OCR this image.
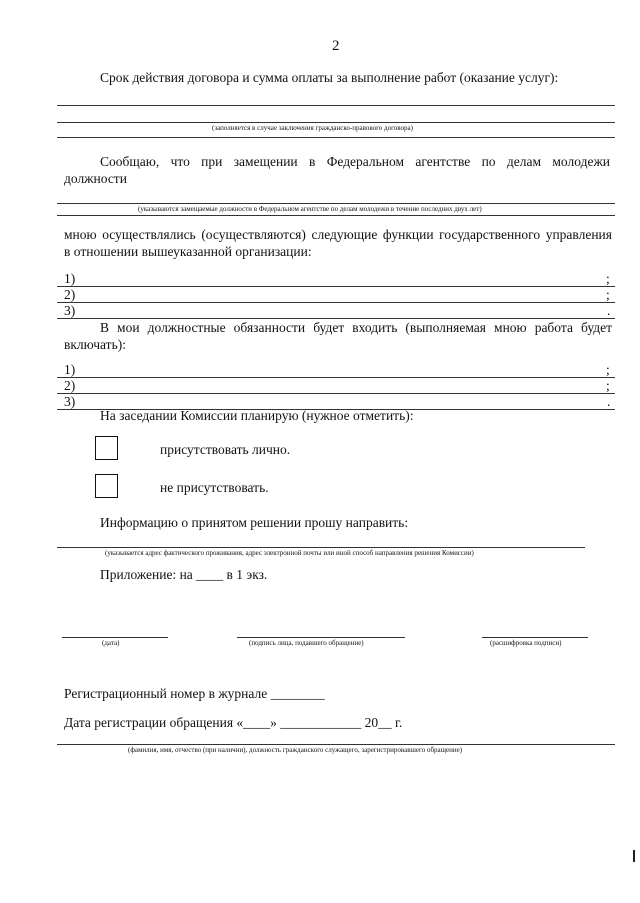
2
Срок действия договора и сумма оплаты за выполнение работ (оказание услуг):
(заполняется в случае заключения гражданско-правового договора)
Сообщаю, что при замещении в Федеральном агентстве по делам молодежи
должности
(указываются замещаемые должности в Федеральном агентстве по делам молодежи в течение последних двух лет)
мною осуществлялись (осуществляются) следующие функции государственного управления
в отношении вышеуказанной организации:
1)	;
2)	;
3)	.
В мои должностные обязанности будет входить (выполняемая мною работа будет
включать):
1)	;
2)	;
3)	.
На заседании Комиссии планирую (нужное отметить):
присутствовать лично.
не присутствовать.
Информацию о принятом решении прошу направить:
(указывается адрес фактического проживания, адрес электронной почты или иной способ направления решения Комиссии)
Приложение: на ____ в 1 экз.
(дата)	(подпись лица, подавшего обращение)	(расшифровка подписи)
Регистрационный номер в журнале ________
Дата регистрации обращения «____» ____________ 20__ г.
(фамилия, имя, отчество (при наличии), должность гражданского служащего, зарегистрировавшего обращение)
